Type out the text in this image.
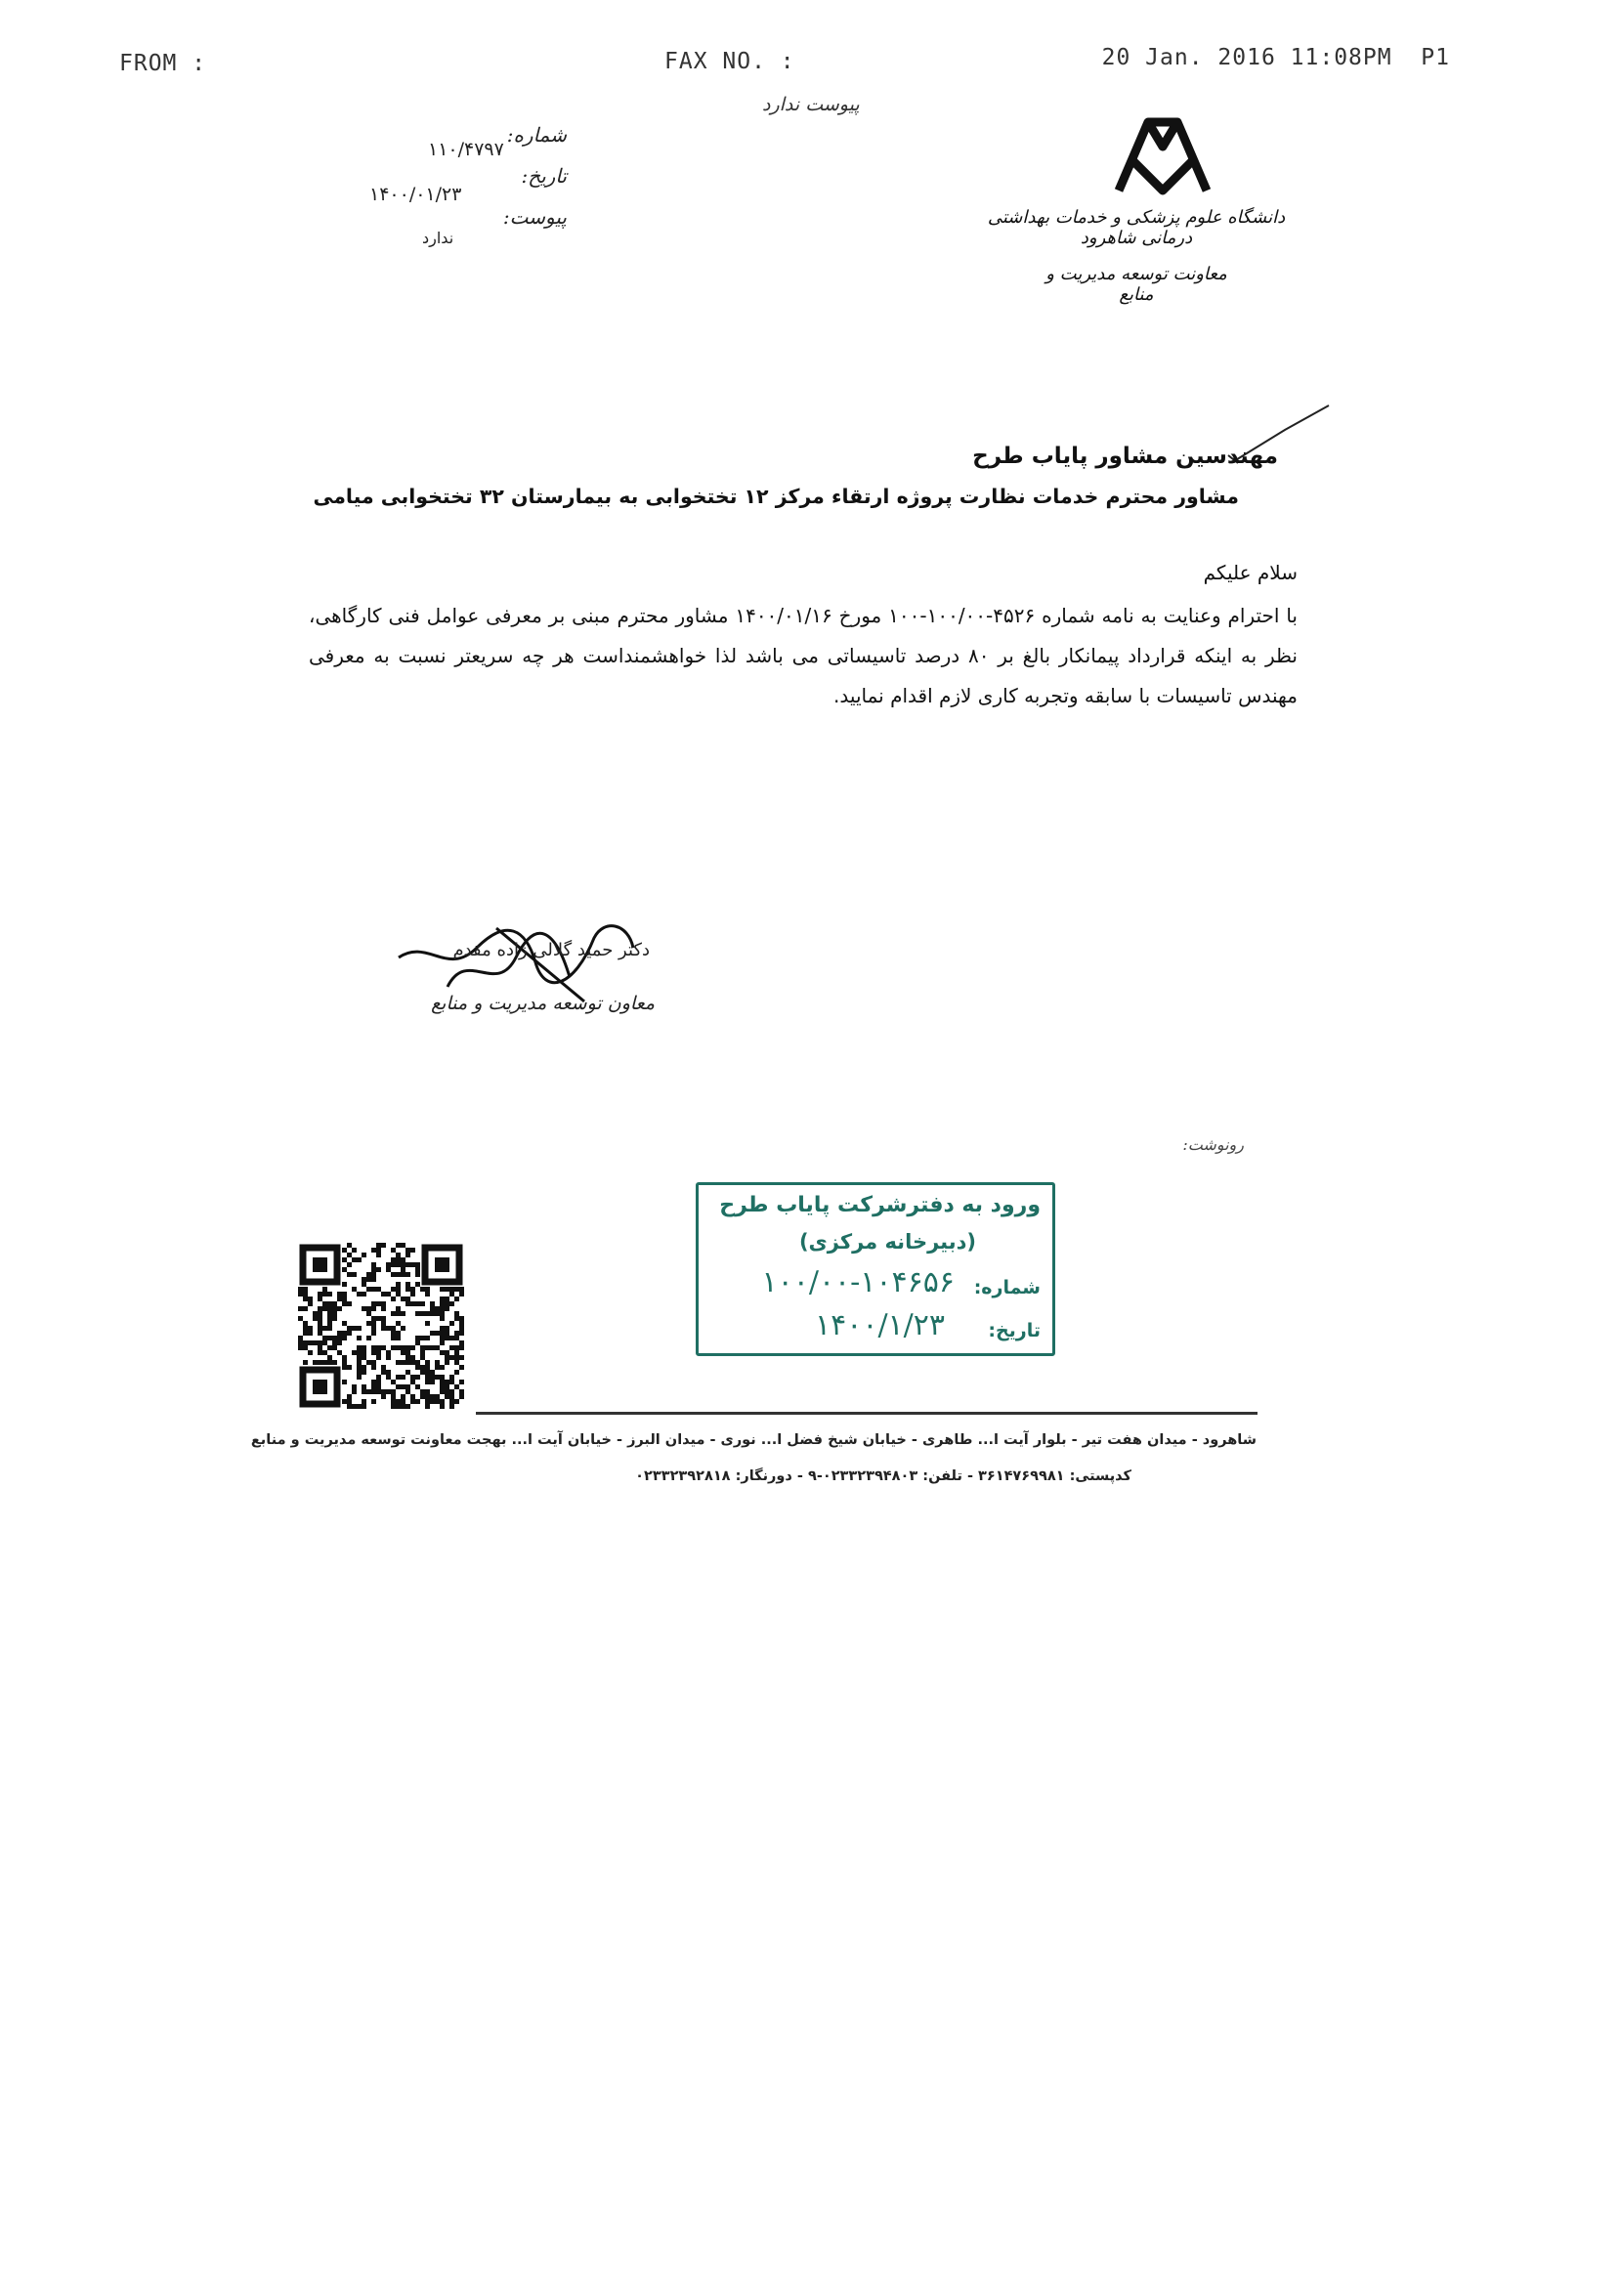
FROM :	FAX NO. :	20 Jan. 2016 11:08PM P1
پیوست ندارد
شماره:
۱۱۰/۴۷۹۷
تاریخ:
۱۴۰۰/۰۱/۲۳
پیوست:
ندارد
دانشگاه علوم پزشکی و خدمات بهداشتی درمانی شاهرود
معاونت توسعه مدیریت و منابع
مهندسین مشاور پایاب طرح
مشاور محترم خدمات نظارت پروژه ارتقاء مرکز ۱۲ تختخوابی به بیمارستان ۳۲ تختخوابی میامی
سلام علیکم
با احترام وعنایت به نامه شماره ۴۵۲۶-۱۰۰/۰۰-۱۰۰ مورخ ۱۴۰۰/۰۱/۱۶ مشاور محترم مبنی بر معرفی عوامل فنی کارگاهی، نظر به اینکه قرارداد پیمانکار بالغ بر ۸۰ درصد تاسیساتی می باشد لذا خواهشمنداست هر چه سریعتر نسبت به معرفی مهندس تاسیسات با سابقه وتجربه کاری لازم اقدام نمایید.
دکتر حمید گلالی زاده مقدم
معاون توسعه مدیریت و منابع
رونوشت:
ورود به دفترشرکت پایاب طرح
(دبیرخانه مرکزی)
شماره:
۱۰۰/۰۰-۱۰۴۶۵۶
تاریخ:
۱۴۰۰/۱/۲۳
شاهرود - میدان هفت تیر - بلوار آیت ا... طاهری - خیابان شیخ فضل ا... نوری - میدان البرز - خیابان آیت ا... بهجت معاونت توسعه مدیریت و منابع
کدپستی: ۳۶۱۴۷۶۹۹۸۱ - تلفن: ۰۲۳۳۲۳۹۴۸۰۳-۹ - دورنگار: ۰۲۳۳۲۳۹۲۸۱۸
